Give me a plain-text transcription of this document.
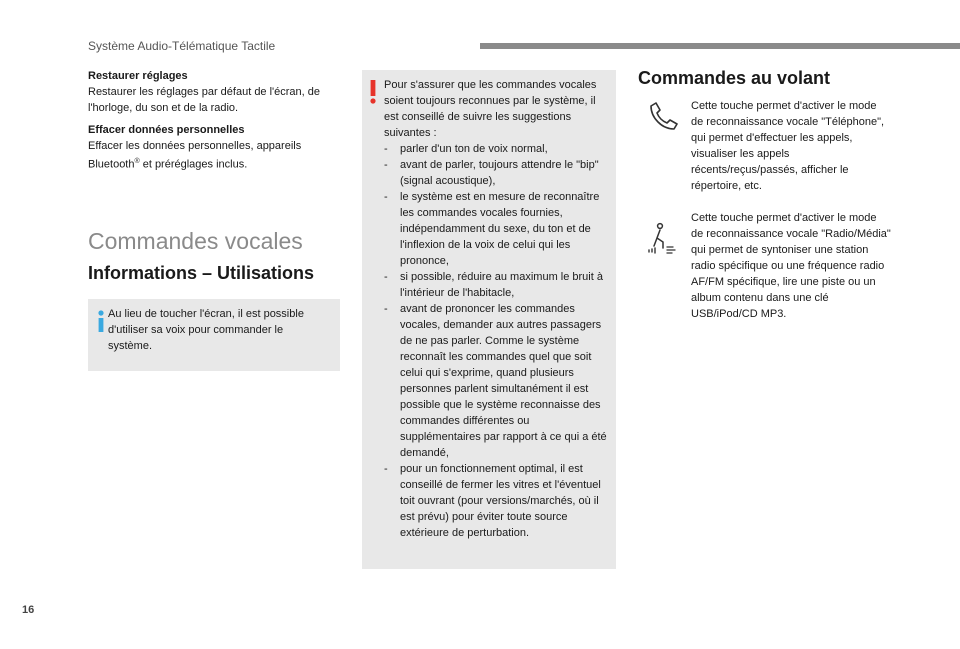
Système Audio-Télématique Tactile
Restaurer réglages
Restaurer les réglages par défaut de l'écran, de l'horloge, du son et de la radio.
Effacer données personnelles
Effacer les données personnelles, appareils Bluetooth® et préréglages inclus.
Commandes vocales
Informations – Utilisations
Au lieu de toucher l'écran, il est possible d'utiliser sa voix pour commander le système.
Pour s'assurer que les commandes vocales soient toujours reconnues par le système, il est conseillé de suivre les suggestions suivantes :
- parler d'un ton de voix normal,
- avant de parler, toujours attendre le "bip" (signal acoustique),
- le système est en mesure de reconnaître les commandes vocales fournies, indépendamment du sexe, du ton et de l'inflexion de la voix de celui qui les prononce,
- si possible, réduire au maximum le bruit à l'intérieur de l'habitacle,
- avant de prononcer les commandes vocales, demander aux autres passagers de ne pas parler. Comme le système reconnaît les commandes quel que soit celui qui s'exprime, quand plusieurs personnes parlent simultanément il est possible que le système reconnaisse des commandes différentes ou supplémentaires par rapport à ce qui a été demandé,
- pour un fonctionnement optimal, il est conseillé de fermer les vitres et l'éventuel toit ouvrant (pour versions/marchés, où il est prévu) pour éviter toute source extérieure de perturbation.
Commandes au volant
Cette touche permet d'activer le mode de reconnaissance vocale "Téléphone", qui permet d'effectuer les appels, visualiser les appels récents/reçus/passés, afficher le répertoire, etc.
Cette touche permet d'activer le mode de reconnaissance vocale "Radio/Média" qui permet de syntoniser une station radio spécifique ou une fréquence radio AF/FM spécifique, lire une piste ou un album contenu dans une clé USB/iPod/CD MP3.
16
